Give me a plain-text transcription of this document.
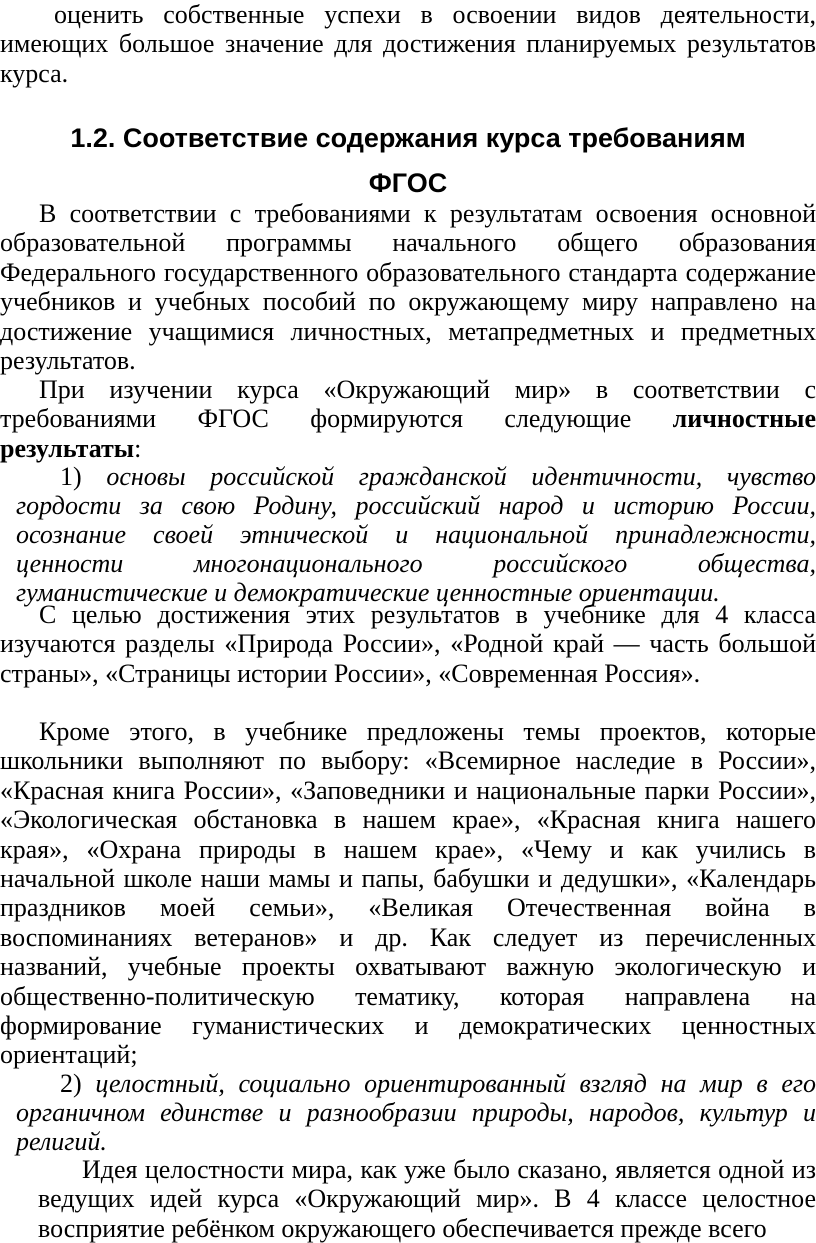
оценить собственные успехи в освоении видов деятельности, имеющих большое значение для достижения планируемых результатов курса.
1.2. Соответствие содержания курса требованиям
ФГОС
В соответствии с требованиями к результатам освоения основной образовательной программы начального общего образования Федерального государственного образовательного стандарта содержание учебников и учебных пособий по окружающему миру направлено на достижение учащимися личностных, метапредметных и предметных результатов.
При изучении курса «Окружающий мир» в соответствии с требованиями ФГОС формируются следующие личностные результаты:
1) основы российской гражданской идентичности, чувство гордости за свою Родину, российский народ и историю России, осознание своей этнической и национальной принадлежности, ценности многонационального российского общества, гуманистические и демократические ценностные ориентации.
С целью достижения этих результатов в учебнике для 4 класса изучаются разделы «Природа России», «Родной край — часть большой страны», «Страницы истории России», «Современная Россия».
Кроме этого, в учебнике предложены темы проектов, которые школьники выполняют по выбору: «Всемирное наследие в России», «Красная книга России», «Заповедники и национальные парки России», «Экологическая обстановка в нашем крае», «Красная книга нашего края», «Охрана природы в нашем крае», «Чему и как учились в начальной школе наши мамы и папы, бабушки и дедушки», «Календарь праздников моей семьи», «Великая Отечественная война в воспоминаниях ветеранов» и др. Как следует из перечисленных названий, учебные проекты охватывают важную экологическую и общественно-политическую тематику, которая направлена на формирование гуманистических и демократических ценностных ориентаций;
2) целостный, социально ориентированный взгляд на мир в его органичном единстве и разнообразии природы, народов, культур и религий.
Идея целостности мира, как уже было сказано, является одной из ведущих идей курса «Окружающий мир». В 4 классе целостное восприятие ребёнком окружающего обеспечивается прежде всего
